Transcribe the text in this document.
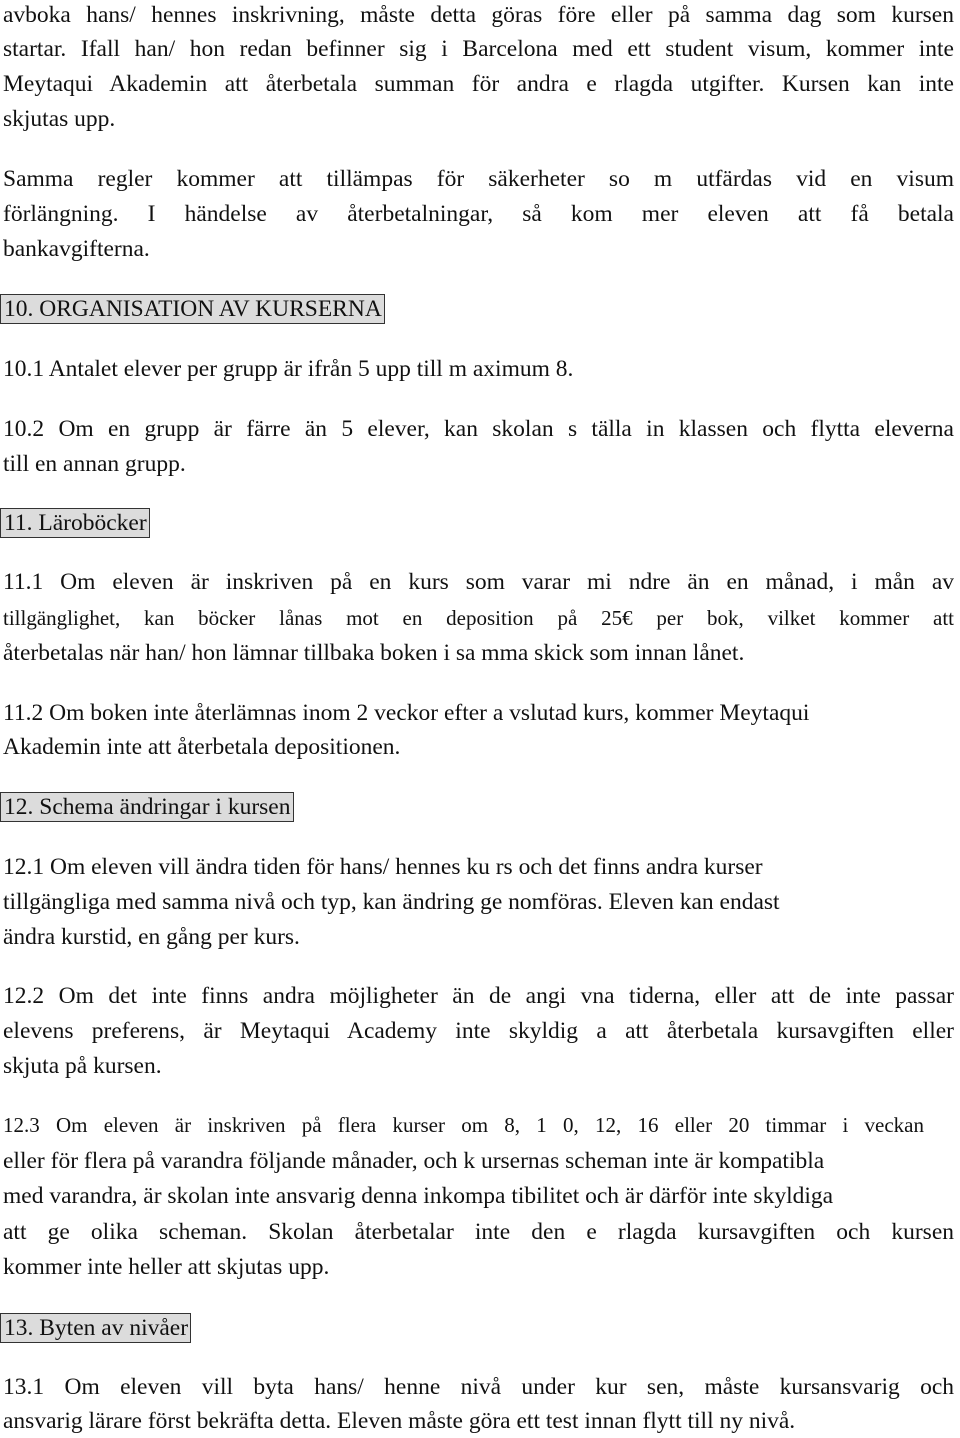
avboka hans/ hennes inskrivning, måste detta göras före eller på samma dag som kursen
startar. Ifall han/ hon redan befinner sig i Barcelona med ett student visum, kommer inte
Meytaqui Akademin att återbetala summan för andra e rlagda utgifter. Kursen kan inte
skjutas upp.
Samma regler kommer att tillämpas för säkerheter so m utfärdas vid en visum
förlängning. I händelse av återbetalningar, så kom mer eleven att få betala
bankavgifterna.
10. ORGANISATION AV KURSERNA
10.1 Antalet elever per grupp är ifrån 5 upp till m aximum 8.
10.2 Om en grupp är färre än 5 elever, kan skolan s tälla in klassen och flytta eleverna
till en annan grupp.
11. Läroböcker
11.1 Om eleven är inskriven på en kurs som varar mi ndre än en månad, i mån av
tillgänglighet, kan böcker lånas mot en deposition på 25€ per bok, vilket kommer att
återbetalas när han/ hon lämnar tillbaka boken i sa mma skick som innan lånet.
11.2 Om boken inte återlämnas inom 2 veckor efter a vslutad kurs, kommer Meytaqui
Akademin inte att återbetala depositionen.
12. Schema ändringar i kursen
12.1 Om eleven vill ändra tiden för hans/ hennes ku rs och det finns andra kurser
tillgängliga med samma nivå och typ, kan ändring ge nomföras. Eleven kan endast
ändra kurstid, en gång per kurs.
12.2 Om det inte finns andra möjligheter än de angi vna tiderna, eller att de inte passar
elevens preferens, är Meytaqui Academy inte skyldig a att återbetala kursavgiften eller
skjuta på kursen.
12.3 Om eleven är inskriven på flera kurser om 8, 1 0, 12, 16 eller 20 timmar i veckan
eller för flera på varandra följande månader, och k ursernas scheman inte är kompatibla
med varandra, är skolan inte ansvarig denna inkompa tibilitet och är därför inte skyldiga
att ge olika scheman. Skolan återbetalar inte den e rlagda kursavgiften och kursen
kommer inte heller att skjutas upp.
13. Byten av nivåer
13.1 Om eleven vill byta hans/ henne nivå under kur sen, måste kursansvarig och
ansvarig lärare först bekräfta detta. Eleven måste göra ett test innan flytt till ny nivå.
